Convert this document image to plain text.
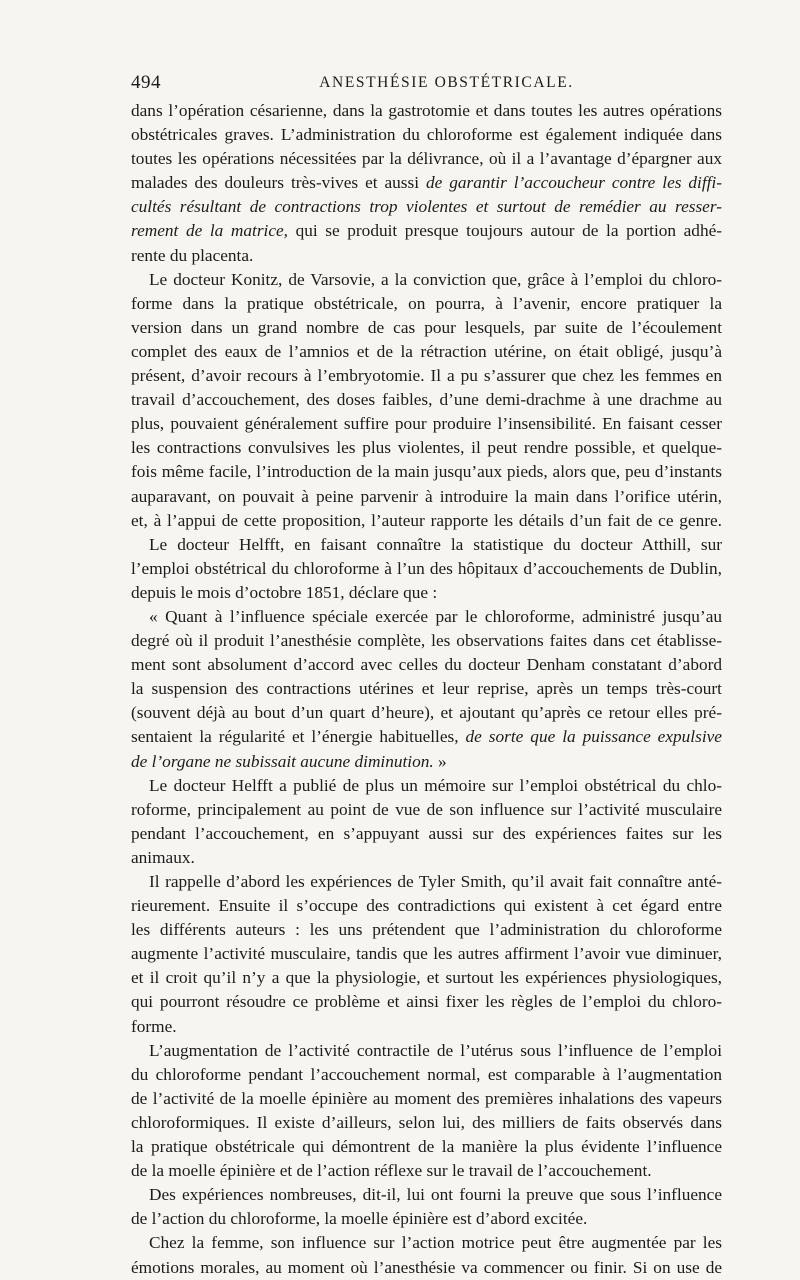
494	ANESTHÉSIE OBSTÉTRICALE.
dans l’opération césarienne, dans la gastrotomie et dans toutes les autres opérations
obstétricales graves. L’administration du chloroforme est également indiquée dans
toutes les opérations nécessitées par la délivrance, où il a l’avantage d’épargner aux
malades des douleurs très-vives et aussi de garantir l’accoucheur contre les diffi-
cultés résultant de contractions trop violentes et surtout de remédier au resser-
rement de la matrice, qui se produit presque toujours autour de la portion adhé-
rente du placenta.
Le docteur Konitz, de Varsovie, a la conviction que, grâce à l’emploi du chloro-
forme dans la pratique obstétricale, on pourra, à l’avenir, encore pratiquer la
version dans un grand nombre de cas pour lesquels, par suite de l’écoulement
complet des eaux de l’amnios et de la rétraction utérine, on était obligé, jusqu’à
présent, d’avoir recours à l’embryotomie. Il a pu s’assurer que chez les femmes en
travail d’accouchement, des doses faibles, d’une demi-drachme à une drachme au
plus, pouvaient généralement suffire pour produire l’insensibilité. En faisant cesser
les contractions convulsives les plus violentes, il peut rendre possible, et quelque-
fois même facile, l’introduction de la main jusqu’aux pieds, alors que, peu d’instants
auparavant, on pouvait à peine parvenir à introduire la main dans l’orifice utérin,
et, à l’appui de cette proposition, l’auteur rapporte les détails d’un fait de ce genre.
Le docteur Helfft, en faisant connaître la statistique du docteur Atthill, sur
l’emploi obstétrical du chloroforme à l’un des hôpitaux d’accouchements de Dublin,
depuis le mois d’octobre 1851, déclare que :
« Quant à l’influence spéciale exercée par le chloroforme, administré jusqu’au
degré où il produit l’anesthésie complète, les observations faites dans cet établisse-
ment sont absolument d’accord avec celles du docteur Denham constatant d’abord
la suspension des contractions utérines et leur reprise, après un temps très-court
(souvent déjà au bout d’un quart d’heure), et ajoutant qu’après ce retour elles pré-
sentaient la régularité et l’énergie habituelles, de sorte que la puissance expulsive
de l’organe ne subissait aucune diminution. »
Le docteur Helfft a publié de plus un mémoire sur l’emploi obstétrical du chlo-
roforme, principalement au point de vue de son influence sur l’activité musculaire
pendant l’accouchement, en s’appuyant aussi sur des expériences faites sur les
animaux.
Il rappelle d’abord les expériences de Tyler Smith, qu’il avait fait connaître anté-
rieurement. Ensuite il s’occupe des contradictions qui existent à cet égard entre
les différents auteurs : les uns prétendent que l’administration du chloroforme
augmente l’activité musculaire, tandis que les autres affirment l’avoir vue diminuer,
et il croit qu’il n’y a que la physiologie, et surtout les expériences physiologiques,
qui pourront résoudre ce problème et ainsi fixer les règles de l’emploi du chloro-
forme.
L’augmentation de l’activité contractile de l’utérus sous l’influence de l’emploi
du chloroforme pendant l’accouchement normal, est comparable à l’augmentation
de l’activité de la moelle épinière au moment des premières inhalations des vapeurs
chloroformiques. Il existe d’ailleurs, selon lui, des milliers de faits observés dans
la pratique obstétricale qui démontrent de la manière la plus évidente l’influence
de la moelle épinière et de l’action réflexe sur le travail de l’accouchement.
Des expériences nombreuses, dit-il, lui ont fourni la preuve que sous l’influence
de l’action du chloroforme, la moelle épinière est d’abord excitée.
Chez la femme, son influence sur l’action motrice peut être augmentée par les
émotions morales, au moment où l’anesthésie va commencer ou finir. Si on use de
